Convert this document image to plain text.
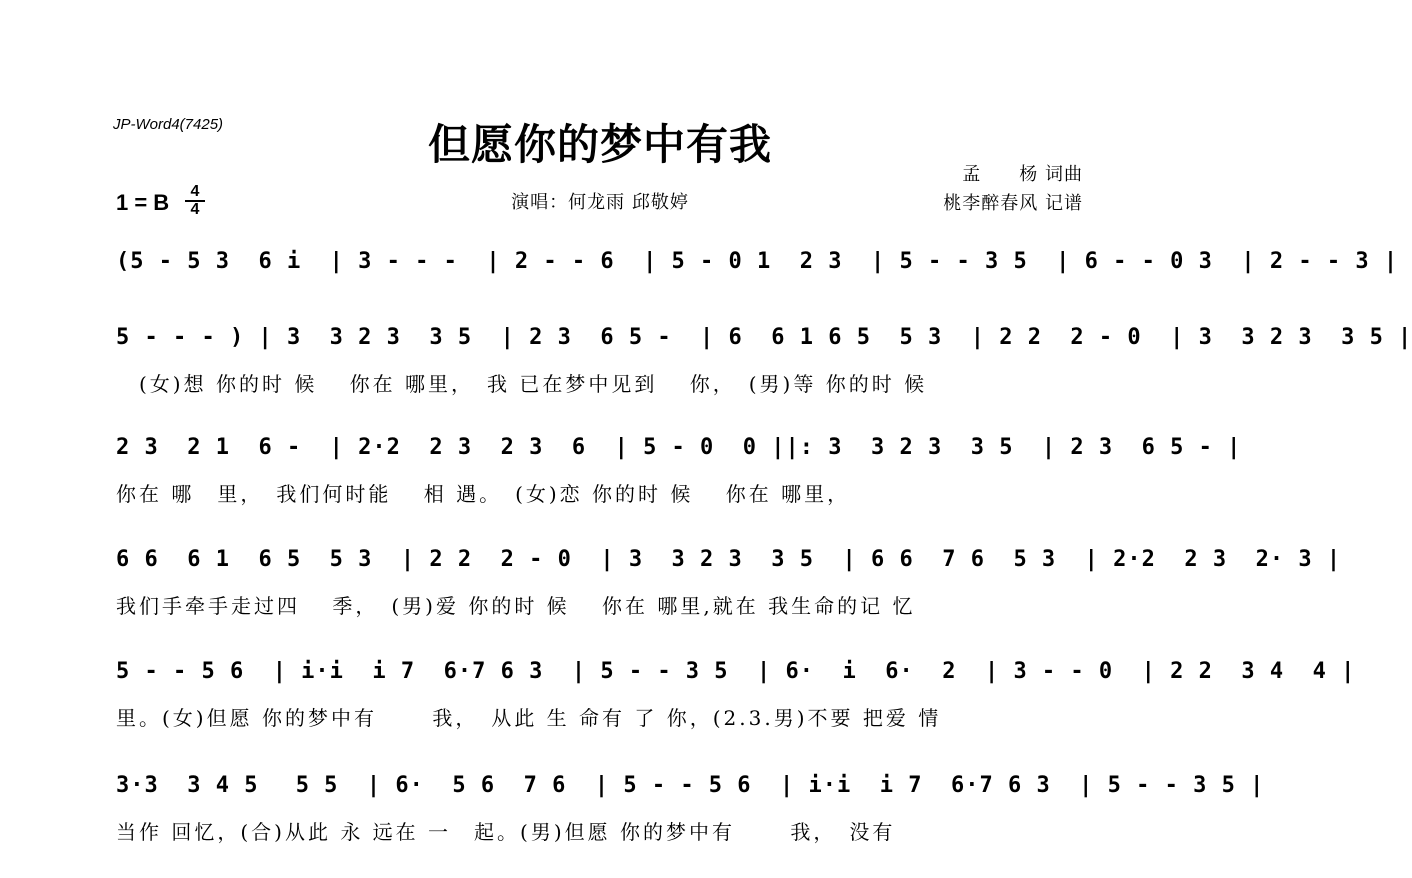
JP-Word4(7425)	但愿你的梦中有我
孟　　杨 词曲
桃李醉春风 记谱
演唱：何龙雨 邱敬婷
1 = B	4
4
(5 - 5 3  6 i  | 3 - - -  | 2 - - 6  | 5 - 0 1  2 3  | 5 - - 3 5  | 6 - - 0 3  | 2 - - 3 |
5 - - - ) | 3  3 2 3  3 5  | 2 3  6 5 -  | 6  6 1 6 5  5 3  | 2 2  2 - 0  | 3  3 2 3  3 5 |
　(女)想 你的时 候　 你在 哪里，　我 已在梦中见到　 你，　(男)等 你的时 候
2 3  2 1  6 -  | 2·2  2 3  2 3  6  | 5 - 0  0 ||: 3  3 2 3  3 5  | 2 3  6 5 - |
你在 哪　里，　我们何时能　 相 遇。　(女)恋 你的时 候　 你在 哪里，
6 6  6 1  6 5  5 3  | 2 2  2 - 0  | 3  3 2 3  3 5  | 6 6  7 6  5 3  | 2·2  2 3  2· 3 |
我们手牵手走过四　 季，　(男)爱 你的时 候　 你在 哪里,就在 我生命的记 忆
5 - - 5 6  | i·i  i 7  6·7 6 3  | 5 - - 3 5  | 6·  i  6·  2  | 3 - - 0  | 2 2  3 4  4 |
里。(女)但愿 你的梦中有　　 我，　从此 生 命有 了 你，(2.3.男)不要 把爱 情
3·3  3 4 5　 5 5  | 6·  5 6  7 6  | 5 - - 5 6  | i·i  i 7  6·7 6 3  | 5 - - 3 5 |
当作 回忆，(合)从此 永 远在 一　起。(男)但愿 你的梦中有　　 我，　没有
